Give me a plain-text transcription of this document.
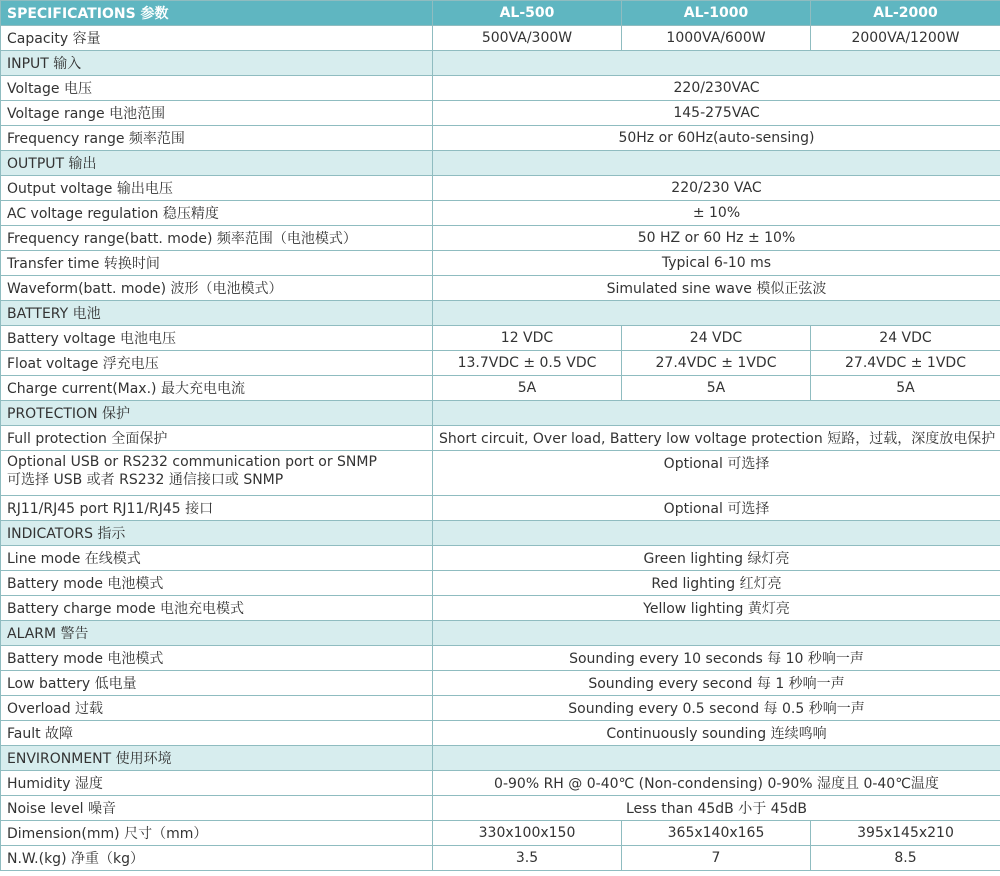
SPECIFICATIONS 参数	AL-500	AL-1000	AL-2000
Capacity 容量	500VA/300W	1000VA/600W	2000VA/1200W
INPUT 输入			
Voltage 电压	220/230VAC		
Voltage range 电池范围	145-275VAC		
Frequency range 频率范围	50Hz or 60Hz(auto-sensing)		
OUTPUT 输出			
Output voltage 输出电压	220/230 VAC		
AC voltage regulation 稳压精度	± 10%		
Frequency range(batt. mode) 频率范围（电池模式）	50 HZ or 60 Hz ± 10%		
Transfer time 转换时间	Typical 6-10 ms		
Waveform(batt. mode) 波形（电池模式）	Simulated sine wave 模似正弦波		
BATTERY 电池			
Battery voltage 电池电压	12 VDC	24 VDC	24 VDC
Float voltage 浮充电压	13.7VDC ± 0.5 VDC	27.4VDC ± 1VDC	27.4VDC ± 1VDC
Charge current(Max.) 最大充电电流	5A	5A	5A
PROTECTION 保护			
Full protection 全面保护	Short circuit, Over load, Battery low voltage protection 短路，过载，深度放电保护		

Optional USB or RS232 communication port or SNMP
可选择 USB 或者 RS232 通信接口或 SNMP	Optional 可选择		
RJ11/RJ45 port RJ11/RJ45 接口	Optional 可选择		
INDICATORS 指示			
Line mode 在线模式	Green lighting 绿灯亮		
Battery mode 电池模式	Red lighting 红灯亮		
Battery charge mode 电池充电模式	Yellow lighting 黄灯亮		
ALARM 警告			
Battery mode 电池模式	Sounding every 10 seconds 每 10 秒响一声		
Low battery 低电量	Sounding every second 每 1 秒响一声		
Overload 过载	Sounding every 0.5 second 每 0.5 秒响一声		
Fault 故障	Continuously sounding 连续鸣响		
ENVIRONMENT 使用环境			
Humidity 湿度	0-90% RH @ 0-40℃ (Non-condensing) 0-90% 湿度且 0-40℃温度		
Noise level 噪音	Less than 45dB 小于 45dB		
Dimension(mm) 尺寸（mm）	330x100x150	365x140x165	395x145x210
N.W.(kg) 净重（kg）	3.5	7	8.5
